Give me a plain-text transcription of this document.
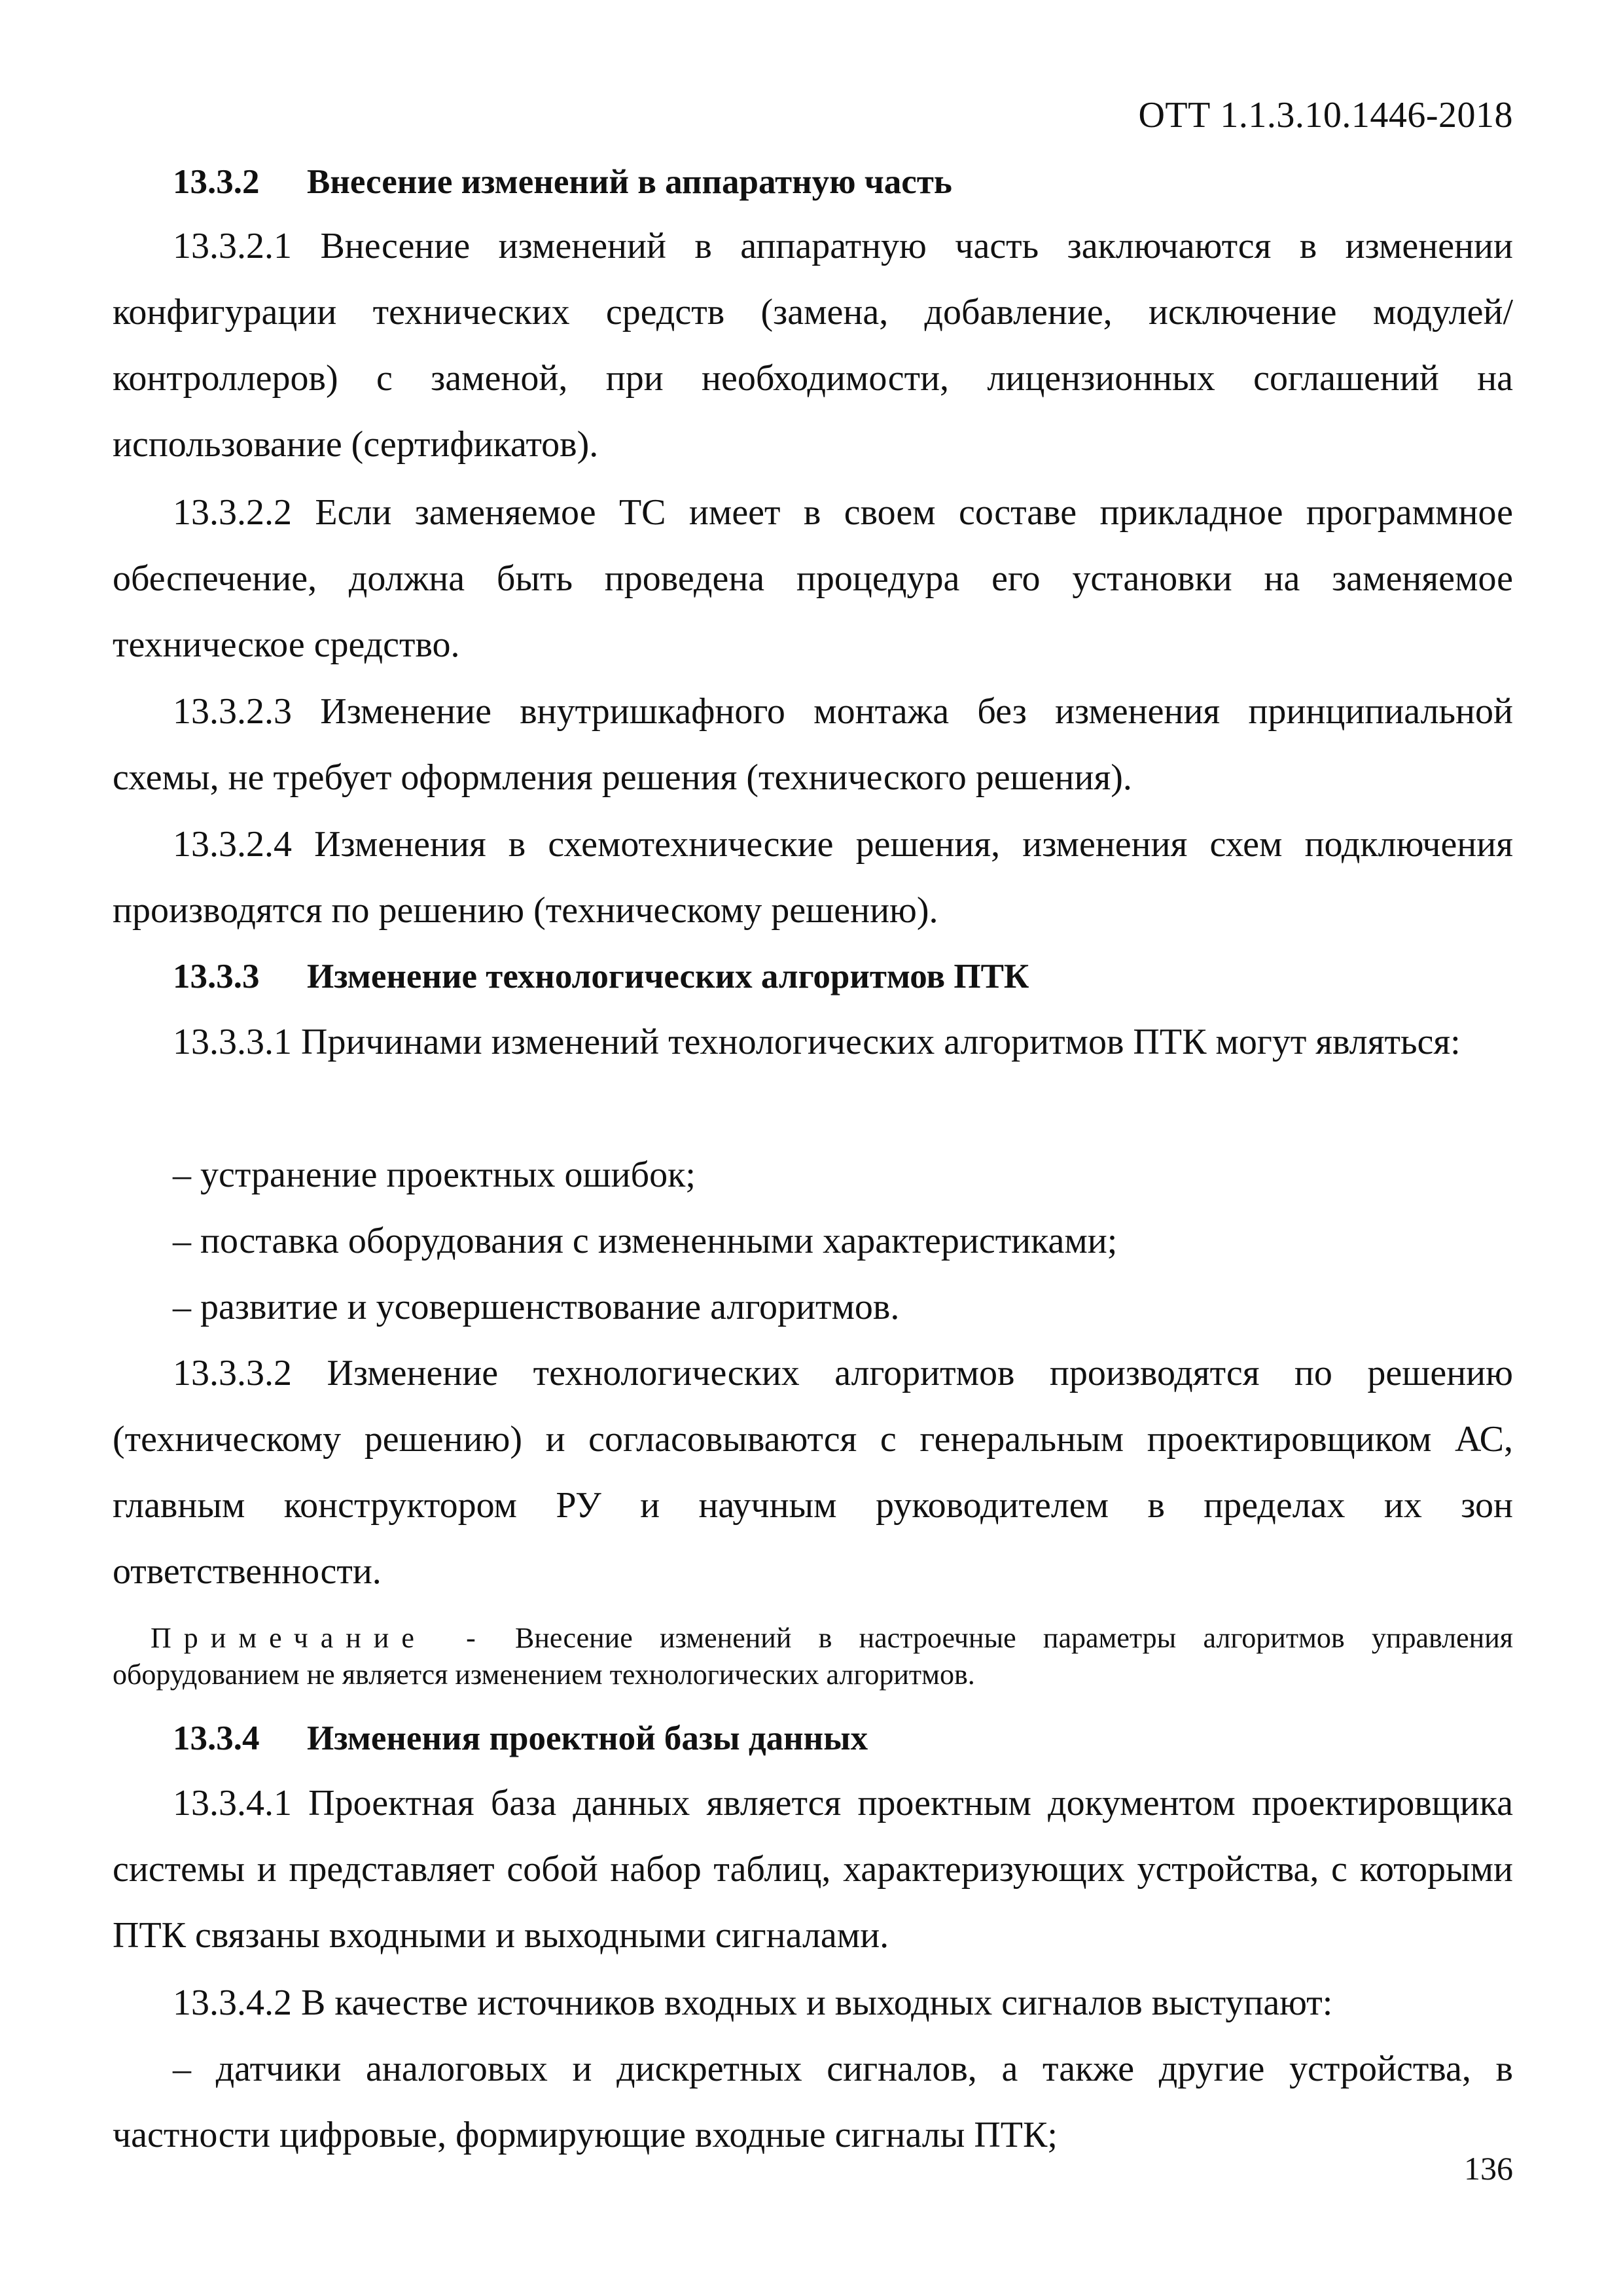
ОТТ 1.1.3.10.1446-2018
13.3.2 Внесение изменений в аппаратную часть

13.3.2.1 Внесение изменений в аппаратную часть заключаются в изменении конфигурации технических средств (замена, добавление, исключение модулей/контроллеров) с заменой, при необходимости, лицензионных соглашений на использование (сертификатов).

13.3.2.2 Если заменяемое ТС имеет в своем составе прикладное программное обеспечение, должна быть проведена процедура его установки на заменяемое техническое средство.

13.3.2.3 Изменение внутришкафного монтажа без изменения принципиальной схемы, не требует оформления решения (технического решения).

13.3.2.4 Изменения в схемотехнические решения, изменения схем подключения производятся по решению (техническому решению).

13.3.3 Изменение технологических алгоритмов ПТК

13.3.3.1 Причинами изменений технологических алгоритмов ПТК могут являться:

– устранение проектных ошибок;

– поставка оборудования с измененными характеристиками;

– развитие и усовершенствование алгоритмов.

13.3.3.2 Изменение технологических алгоритмов производятся по решению (техническому решению) и согласовываются с генеральным проектировщиком АС, главным конструктором РУ и научным руководителем в пределах их зон ответственности.

Примечание - Внесение изменений в настроечные параметры алгоритмов управления оборудованием не является изменением технологических алгоритмов.

13.3.4 Изменения проектной базы данных

13.3.4.1 Проектная база данных является проектным документом проектировщика системы и представляет собой набор таблиц, характеризующих устройства, с которыми ПТК связаны входными и выходными сигналами.

13.3.4.2 В качестве источников входных и выходных сигналов выступают:

– датчики аналоговых и дискретных сигналов, а также другие устройства, в частности цифровые, формирующие входные сигналы ПТК;

136
